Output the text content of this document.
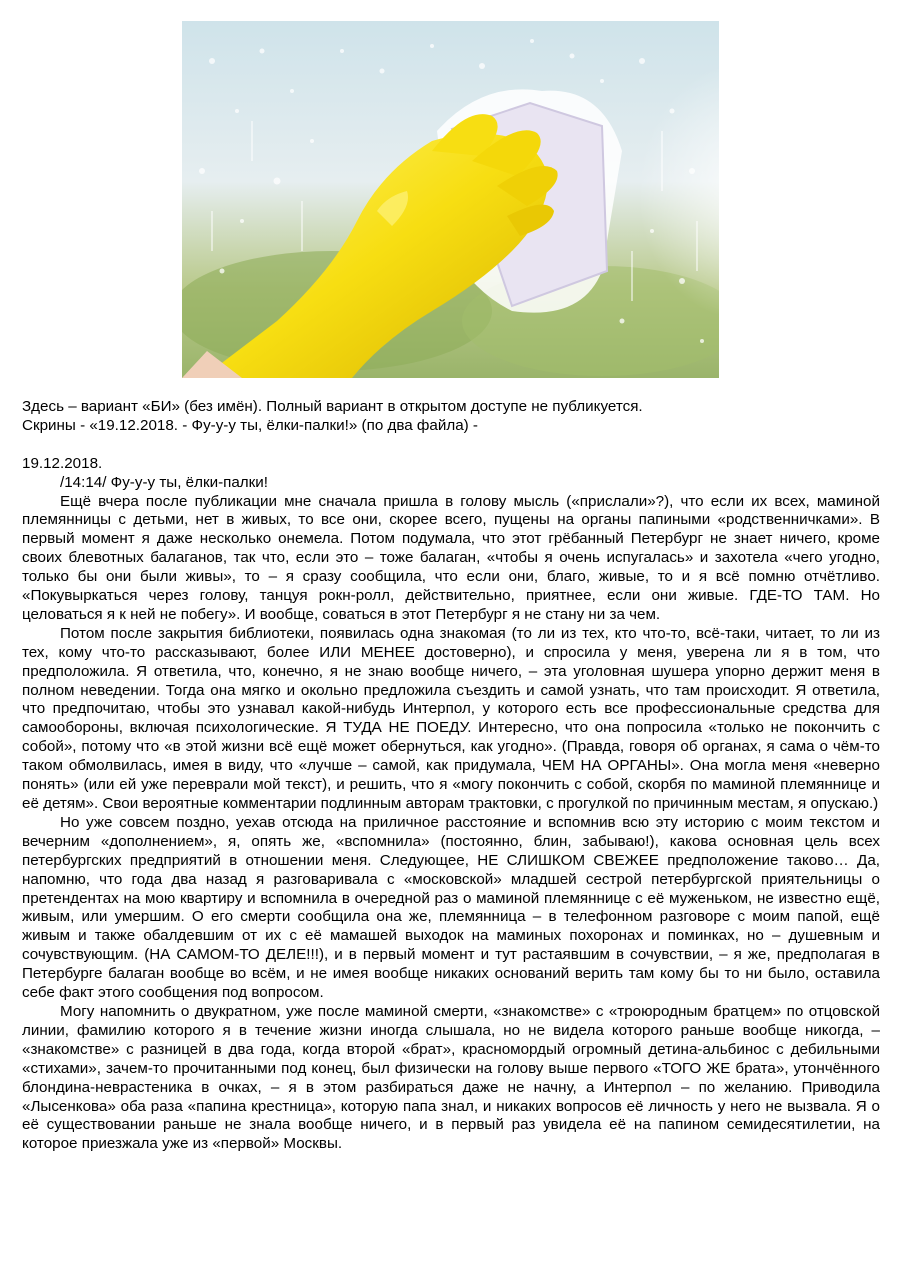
Здесь – вариант «БИ» (без имён). Полный вариант в открытом доступе не публикуется.

Скрины - «19.12.2018. - Фу-у-у ты, ёлки-палки!» (по два файла) -

19.12.2018.

/14:14/ Фу-у-у ты, ёлки-палки!

Ещё вчера после публикации мне сначала пришла в голову мысль («прислали»?), что если их всех, маминой племянницы с детьми, нет в живых, то все они, скорее всего, пущены на органы папиными «родственничками». В первый момент я даже несколько онемела. Потом подумала, что этот грёбанный Петербург не знает ничего, кроме своих блевотных балаганов, так что, если это – тоже балаган, «чтобы я очень испугалась» и захотела «чего угодно, только бы они были живы», то – я сразу сообщила, что если они, благо, живые, то и я всё помню отчётливо. «Покувыркаться через голову, танцуя рокн-ролл, действительно, приятнее, если они живые. ГДЕ-ТО ТАМ. Но целоваться я к ней не побегу». И вообще, соваться в этот Петербург я не стану ни за чем.

Потом после закрытия библиотеки, появилась одна знакомая (то ли из тех, кто что-то, всё-таки, читает, то ли из тех, кому что-то рассказывают, более ИЛИ МЕНЕЕ достоверно), и спросила у меня, уверена ли я в том, что предположила. Я ответила, что, конечно, я не знаю вообще ничего, – эта уголовная шушера упорно держит меня в полном неведении. Тогда она мягко и окольно предложила съездить и самой узнать, что там происходит. Я ответила, что предпочитаю, чтобы это узнавал какой-нибудь Интерпол, у которого есть все профессиональные средства для самообороны, включая психологические. Я ТУДА НЕ ПОЕДУ. Интересно, что она попросила «только не покончить с собой», потому что «в этой жизни всё ещё может обернуться, как угодно». (Правда, говоря об органах, я сама о чём-то таком обмолвилась, имея в виду, что «лучше – самой, как придумала, ЧЕМ НА ОРГАНЫ». Она могла меня «неверно понять» (или ей уже переврали мой текст), и решить, что я «могу покончить с собой, скорбя по маминой племяннице и её детям». Свои вероятные комментарии подлинным авторам трактовки, с прогулкой по причинным местам, я опускаю.)

Но уже совсем поздно, уехав отсюда на приличное расстояние и вспомнив всю эту историю с моим текстом и вечерним «дополнением», я, опять же, «вспомнила» (постоянно, блин, забываю!), какова основная цель всех петербургских предприятий в отношении меня. Следующее, НЕ СЛИШКОМ СВЕЖЕЕ предположение таково… Да, напомню, что года два назад я разговаривала с «московской» младшей сестрой петербургской приятельницы о претендентах на мою квартиру и вспомнила в очередной раз о маминой племяннице с её муженьком, не известно ещё, живым, или умершим. О его смерти сообщила она же, племянница – в телефонном разговоре с моим папой, ещё живым и также обалдевшим от их с её мамашей выходок на маминых похоронах и поминках, но – душевным и сочувствующим. (НА САМОМ-ТО ДЕЛЕ!!!), и в первый момент и тут растаявшим в сочувствии, – я же, предполагая в Петербурге балаган вообще во всём, и не имея вообще никаких оснований верить там кому бы то ни было, оставила себе факт этого сообщения под вопросом.

Могу напомнить о двукратном, уже после маминой смерти, «знакомстве» с «троюродным братцем» по отцовской линии, фамилию которого я в течение жизни иногда слышала, но не видела которого раньше вообще никогда, – «знакомстве» с разницей в два года, когда второй «брат», красномордый огромный детина-альбинос с дебильными «стихами», зачем-то прочитанными под конец, был физически на голову выше первого «ТОГО ЖЕ брата», утончённого блондина-неврастеника в очках, – я в этом разбираться даже не начну, а Интерпол – по желанию. Приводила «Лысенкова» оба раза «папина крестница», которую папа знал, и никаких вопросов её личность у него не вызвала. Я о её существовании раньше не знала вообще ничего, и в первый раз увидела её на папином семидесятилетии, на которое приезжала уже из «первой» Москвы.
